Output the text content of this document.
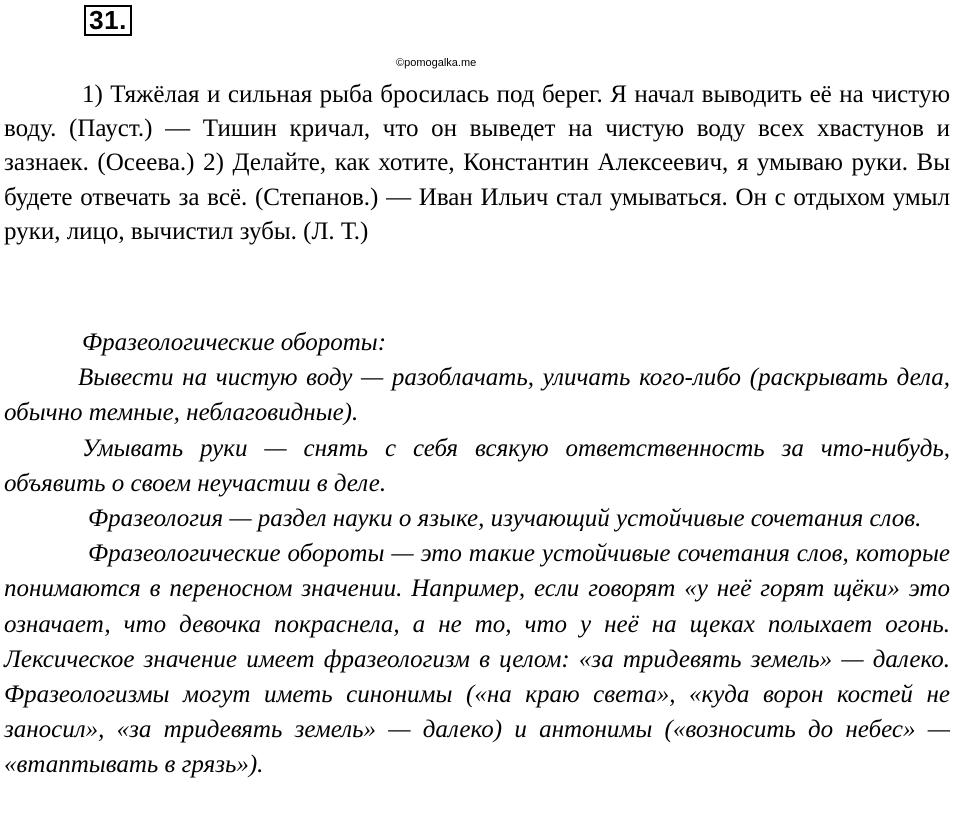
31.
©pomogalka.me

1) Тяжёлая и сильная рыба бросилась под берег. Я начал выводить её на чистую воду. (Пауст.) — Тишин кричал, что он выведет на чистую воду всех хвастунов и зазнаек. (Осеева.) 2) Делайте, как хотите, Константин Алексеевич, я умываю руки. Вы будете отвечать за всё. (Степанов.) — Иван Ильич стал умываться. Он с отдыхом умыл руки, лицо, вычистил зубы. (Л. Т.)

Фразеологические обороты:

Вывести на чистую воду — разоблачать, уличать кого-либо (раскрывать дела, обычно темные, неблаговидные).

Умывать руки — снять с себя всякую ответственность за что-нибудь, объявить о своем неучастии в деле.

Фразеология — раздел науки о языке, изучающий устойчивые сочетания слов.

Фразеологические обороты — это такие устойчивые сочетания слов, которые понимаются в переносном значении. Например, если говорят «у неё горят щёки» это означает, что девочка покраснела, а не то, что у неё на щеках полыхает огонь. Лексическое значение имеет фразеологизм в целом: «за тридевять земель» — далеко. Фразеологизмы могут иметь синонимы («на краю света», «куда ворон костей не заносил», «за тридевять земель» — далеко) и антонимы («возносить до небес» — «втаптывать в грязь»).
